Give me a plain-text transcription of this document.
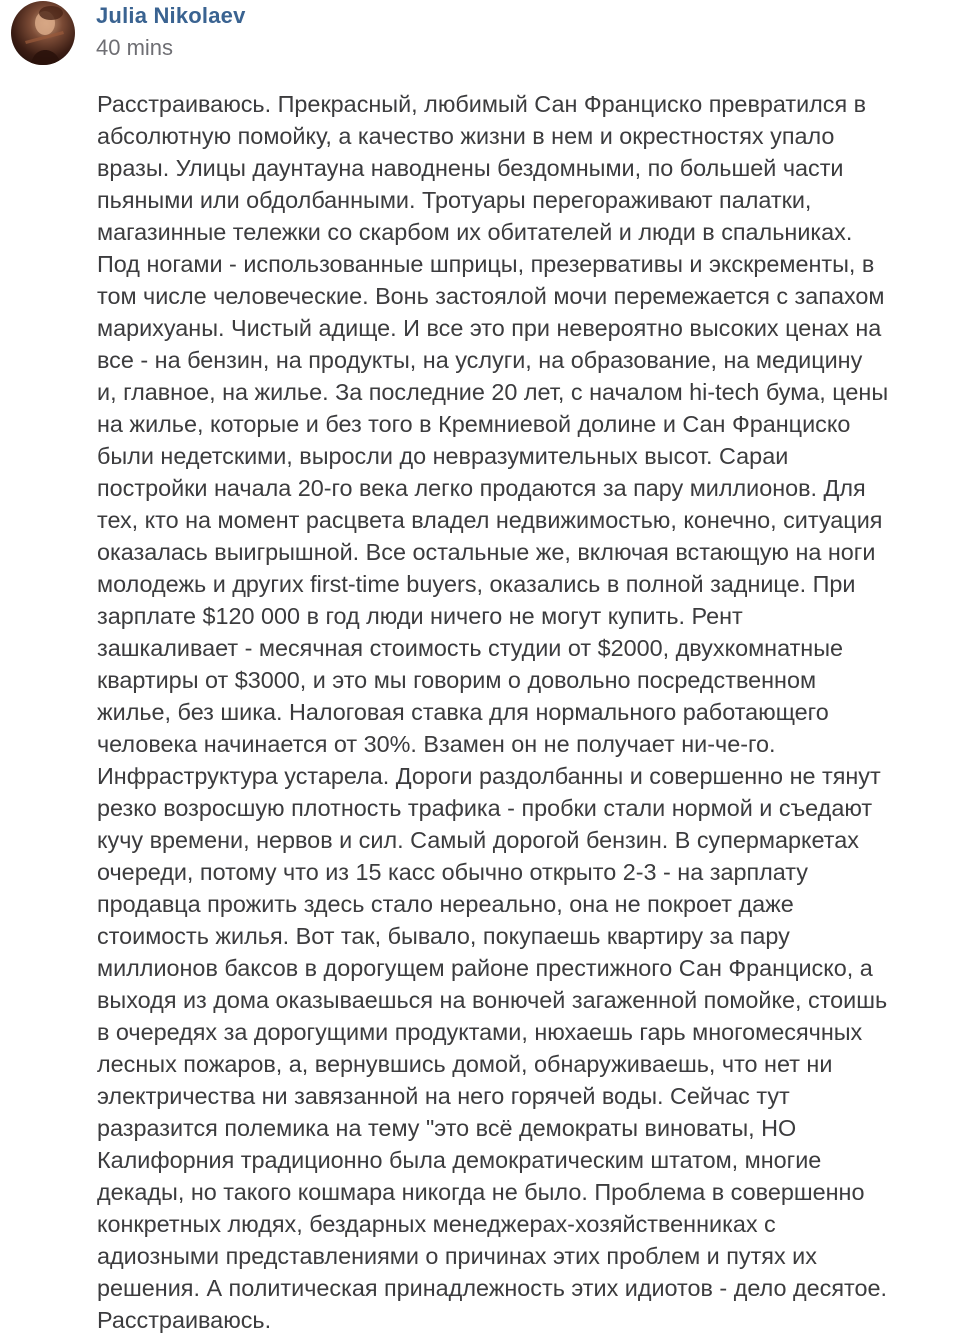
Julia Nikolaev
40 mins
Расстраиваюсь. Прекрасный, любимый Сан Франциско превратился в
абсолютную помойку, а качество жизни в нем и окрестностях упало
вразы. Улицы даунтауна наводнены бездомными, по большей части
пьяными или обдолбанными. Тротуары перегораживают палатки,
магазинные тележки со скарбом их обитателей и люди в спальниках.
Под ногами - использованные шприцы, презервативы и экскременты, в
том числе человеческие. Вонь застоялой мочи перемежается с запахом
марихуаны. Чистый адище. И все это при невероятно высоких ценах на
все - на бензин, на продукты, на услуги, на образование, на медицину
и, главное, на жилье. За последние 20 лет, с началом hi-tech бума, цены
на жилье, которые и без того в Кремниевой долине и Сан Франциско
были недетскими, выросли до невразумительных высот. Сараи
постройки начала 20-го века легко продаются за пару миллионов. Для
тех, кто на момент расцвета владел недвижимостью, конечно, ситуация
оказалась выигрышной. Все остальные же, включая встающую на ноги
молодежь и других first-time buyers, оказались в полной заднице. При
зарплате $120 000 в год люди ничего не могут купить. Рент
зашкаливает - месячная стоимость студии от $2000, двухкомнатные
квартиры от $3000, и это мы говорим о довольно посредственном
жилье, без шика. Налоговая ставка для нормального работающего
человека начинается от 30%. Взамен он не получает ни-че-го.
Инфраструктура устарела. Дороги раздолбанны и совершенно не тянут
резко возросшую плотность трафика - пробки стали нормой и съедают
кучу времени, нервов и сил. Самый дорогой бензин. В супермаркетах
очереди, потому что из 15 касс обычно открыто 2-3 - на зарплату
продавца прожить здесь стало нереально, она не покроет даже
стоимость жилья. Вот так, бывало, покупаешь квартиру за пару
миллионов баксов в дорогущем районе престижного Сан Франциско, а
выходя из дома оказываешься на вонючей загаженной помойке, стоишь
в очередях за дорогущими продуктами, нюхаешь гарь многомесячных
лесных пожаров, а, вернувшись домой, обнаруживаешь, что нет ни
электричества ни завязанной на него горячей воды. Сейчас тут
разразится полемика на тему "это всё демократы виноваты, НО
Калифорния традиционно была демократическим штатом, многие
декады, но такого кошмара никогда не было. Проблема в совершенно
конкретных людях, бездарных менеджерах-хозяйственниках с
адиозными представлениями о причинах этих проблем и путях их
решения. А политическая принадлежность этих идиотов - дело десятое.
Расстраиваюсь.
